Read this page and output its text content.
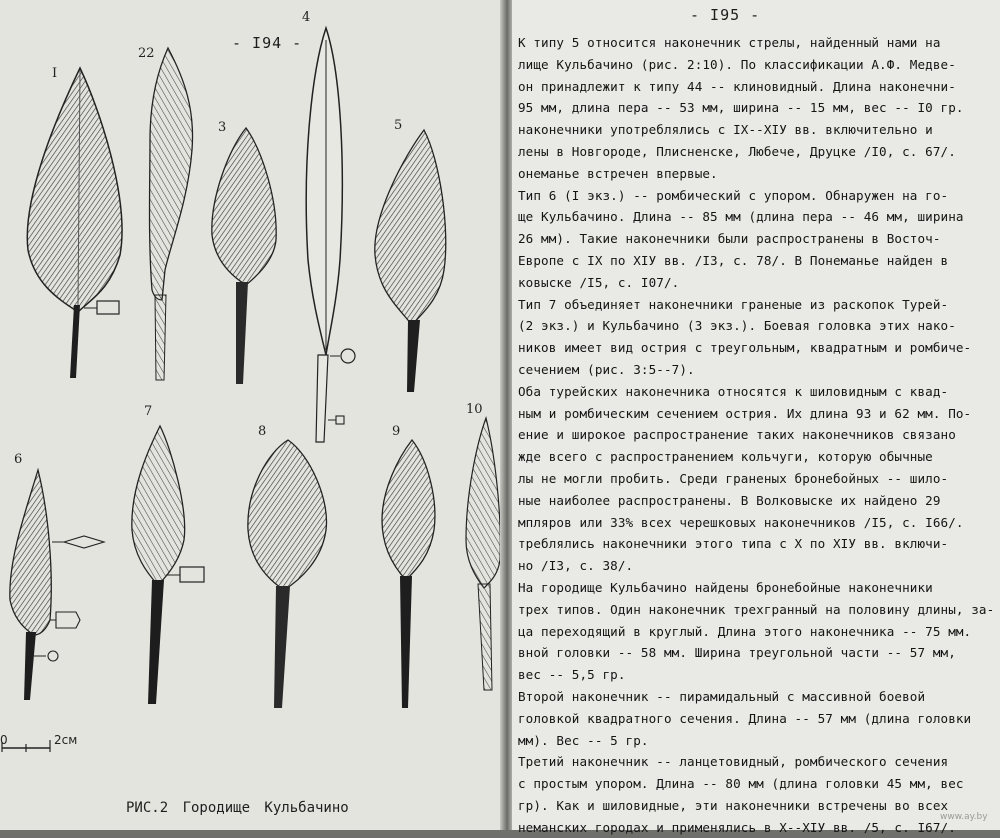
- I94 -
I
22
3
4
5
6
7
8	9
10
0	2см
РИС.2 Городище Кульбачино
- I95 -
К типу 5 относится наконечник стрелы, найденный нами на
лище Кульбачино (рис. 2:10). По классификации А.Ф. Медве-
он принадлежит к типу 44 -- клиновидный. Длина наконечни-
95 мм, длина пера -- 53 мм, ширина -- 15 мм, вес -- I0 гр.
наконечники употреблялись с IX--XIУ вв. включительно и
лены в Новгороде, Плисненске, Любече, Друцке /I0, с. 67/.
онеманье встречен впервые.
Тип 6 (I экз.) -- ромбический с упором. Обнаружен на го-
ще Кульбачино. Длина -- 85 мм (длина пера -- 46 мм, ширина
26 мм). Такие наконечники были распространены в Восточ-
Европе с IX по XIУ вв. /I3, с. 78/. В Понеманье найден в
ковыске /I5, с. I07/.
Тип 7 объединяет наконечники граненые из раскопок Турей-
(2 экз.) и Кульбачино (3 экз.). Боевая головка этих нако-
ников имеет вид острия с треугольным, квадратным и ромбиче-
сечением (рис. 3:5--7).
Оба турейских наконечника относятся к шиловидным с квад-
ным и ромбическим сечением острия. Их длина 93 и 62 мм. По-
ение и широкое распространение таких наконечников связано
жде всего с распространением кольчуги, которую обычные
лы не могли пробить. Среди граненых бронебойных -- шило-
ные наиболее распространены. В Волковыске их найдено 29
мпляров или 33% всех черешковых наконечников /I5, с. I66/.
треблялись наконечники этого типа с X по XIУ вв. включи-
но /I3, с. 38/.
На городище Кульбачино найдены бронебойные наконечники
трех типов. Один наконечник трехгранный на половину длины, за-
ца переходящий в круглый. Длина этого наконечника -- 75 мм.
вной головки -- 58 мм. Ширина треугольной части -- 57 мм,
вес -- 5,5 гр.
Второй наконечник -- пирамидальный с массивной боевой
головкой квадратного сечения. Длина -- 57 мм (длина головки
мм). Вес -- 5 гр.
Третий наконечник -- ланцетовидный, ромбического сечения
с простым упором. Длина -- 80 мм (длина головки 45 мм, вес
гр). Как и шиловидные, эти наконечники встречены во всех
неманских городах и применялись в X--XIУ вв. /5, с. I67/.
www.ay.by
